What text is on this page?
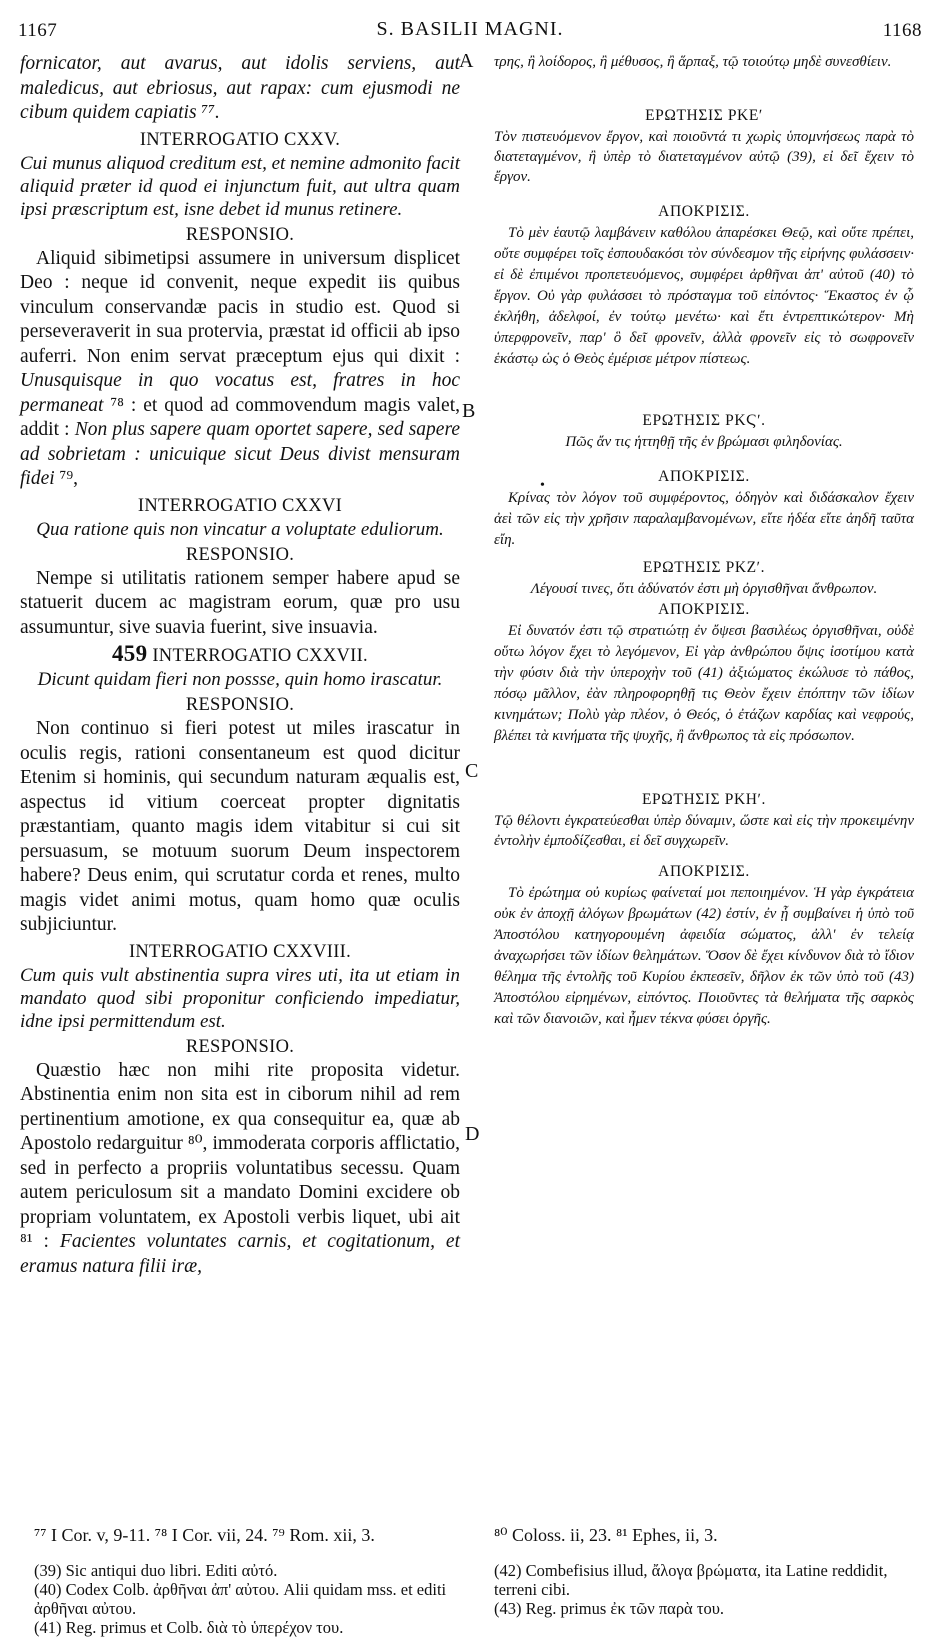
1167	S. BASILII MAGNI.	1168
A
B
C
D
•

fornicator, aut avarus, aut idolis serviens, aut maledicus, aut ebriosus, aut rapax: cum ejusmodi ne cibum quidem capiatis ⁷⁷.

INTERROGATIO CXXV.

Cui munus aliquod creditum est, et nemine admonito facit aliquid præter id quod ei injunctum fuit, aut ultra quam ipsi præscriptum est, isne debet id munus retinere.

RESPONSIO.

Aliquid sibimetipsi assumere in universum displicet Deo : neque id convenit, neque expedit iis quibus vinculum conservandæ pacis in studio est. Quod si perseveraverit in sua protervia, præstat id officii ab ipso auferri. Non enim servat præceptum ejus qui dixit : Unusquisque in quo vocatus est, fratres in hoc permaneat ⁷⁸ : et quod ad commovendum magis valet, addit : Non plus sapere quam oportet sapere, sed sapere ad sobrietam : unicuique sicut Deus divist mensuram fidei ⁷⁹,

INTERROGATIO CXXVI

Qua ratione quis non vincatur a voluptate eduliorum.

RESPONSIO.

Nempe si utilitatis rationem semper habere apud se statuerit ducem ac magistram eorum, quæ pro usu assumuntur, sive suavia fuerint, sive insuavia.

459 INTERROGATIO CXXVII.

Dicunt quidam fieri non possse, quin homo irascatur.

RESPONSIO.

Non continuo si fieri potest ut miles irascatur in oculis regis, rationi consentaneum est quod dicitur Etenim si hominis, qui secundum naturam æqualis est, aspectus id vitium coerceat propter dignitatis præstantiam, quanto magis idem vitabitur si cui sit persuasum, se motuum suorum Deum inspectorem habere? Deus enim, qui scrutatur corda et renes, multo magis videt animi motus, quam homo quæ oculis subjiciuntur.

INTERROGATIO CXXVIII.

Cum quis vult abstinentia supra vires uti, ita ut etiam in mandato quod sibi proponitur conficiendo impediatur, idne ipsi permittendum est.

RESPONSIO.

Quæstio hæc non mihi rite proposita videtur. Abstinentia enim non sita est in ciborum nihil ad rem pertinentium amotione, ex qua consequitur ea, quæ ab Apostolo redarguitur ⁸⁰, immoderata corporis afflictatio, sed in perfecto a propriis voluntatibus secessu. Quam autem periculosum sit a mandato Domini excidere ob propriam voluntatem, ex Apostoli verbis liquet, ubi ait ⁸¹ : Facientes voluntates carnis, et cogitationum, et eramus natura filii iræ,

τρης, ἢ λοίδορος, ἢ μέθυσος, ἢ ἅρπαξ, τῷ τοιούτῳ μηδὲ συνεσθίειν.

ΕΡΩΤΗΣΙΣ ΡΚΕʹ

Τὸν πιστευόμενον ἔργον, καὶ ποιοῦντά τι χωρὶς ὑπομνήσεως παρὰ τὸ διατεταγμένον, ἢ ὑπὲρ τὸ διατεταγμένον αὐτῷ (39), εἰ δεῖ ἔχειν τὸ ἔργον.

ΑΠΟΚΡΙΣΙΣ.

Τὸ μὲν ἑαυτῷ λαμβάνειν καθόλου ἀπαρέσκει Θεῷ, καὶ οὔτε πρέπει, οὔτε συμφέρει τοῖς ἐσπουδακόσι τὸν σύνδεσμον τῆς εἰρήνης φυλάσσειν· εἰ δὲ ἐπιμένοι προπετευόμενος, συμφέρει ἀρθῆναι ἀπ' αὐτοῦ (40) τὸ ἔργον. Οὐ γὰρ φυλάσσει τὸ πρόσταγμα τοῦ εἰπόντος· Ἕκαστος ἐν ᾧ ἐκλήθη, ἀδελφοί, ἐν τούτῳ μενέτω· καὶ ἔτι ἐντρεπτικώτερον· Μὴ ὑπερφρονεῖν, παρ' ὃ δεῖ φρονεῖν, ἀλλὰ φρονεῖν εἰς τὸ σωφρονεῖν ἑκάστῳ ὡς ὁ Θεὸς ἐμέρισε μέτρον πίστεως.

ΕΡΩΤΗΣΙΣ ΡΚϚʹ.

Πῶς ἄν τις ἡττηθῇ τῆς ἐν βρώμασι φιληδονίας.

ΑΠΟΚΡΙΣΙΣ.

Κρίνας τὸν λόγον τοῦ συμφέροντος, ὁδηγὸν καὶ διδάσκαλον ἔχειν ἀεὶ τῶν εἰς τὴν χρῆσιν παραλαμβανομένων, εἴτε ἡδέα εἴτε ἀηδῆ ταῦτα εἴη.

ΕΡΩΤΗΣΙΣ ΡΚΖʹ.

Λέγουσί τινες, ὅτι ἀδύνατόν ἐστι μὴ ὀργισθῆναι ἄνθρωπον.

ΑΠΟΚΡΙΣΙΣ.

Εἰ δυνατόν ἐστι τῷ στρατιώτῃ ἐν ὄψεσι βασιλέως ὀργισθῆναι, οὐδὲ οὕτω λόγον ἔχει τὸ λεγόμενον, Εἰ γὰρ ἀνθρώπου ὄψις ἰσοτίμου κατὰ τὴν φύσιν διὰ τὴν ὑπεροχὴν τοῦ (41) ἀξιώματος ἐκώλυσε τὸ πάθος, πόσῳ μᾶλλον, ἐὰν πληροφορηθῇ τις Θεὸν ἔχειν ἐπόπτην τῶν ἰδίων κινημάτων; Πολὺ γὰρ πλέον, ὁ Θεός, ὁ ἐτάζων καρδίας καὶ νεφρούς, βλέπει τὰ κινήματα τῆς ψυχῆς, ἢ ἄνθρωπος τὰ εἰς πρόσωπον.

ΕΡΩΤΗΣΙΣ ΡΚΗʹ.

Τῷ θέλοντι ἐγκρατεύεσθαι ὑπὲρ δύναμιν, ὥστε καὶ εἰς τὴν προκειμένην ἐντολὴν ἐμποδίζεσθαι, εἰ δεῖ συγχωρεῖν.

ΑΠΟΚΡΙΣΙΣ.

Τὸ ἐρώτημα οὐ κυρίως φαίνεταί μοι πεποιημένον. Ἡ γὰρ ἐγκράτεια οὐκ ἐν ἀποχῇ ἀλόγων βρωμάτων (42) ἐστίν, ἐν ᾗ συμβαίνει ἡ ὑπὸ τοῦ Ἀποστόλου κατηγορουμένη ἀφειδία σώματος, ἀλλ' ἐν τελείᾳ ἀναχωρήσει τῶν ἰδίων θελημάτων. Ὅσον δὲ ἔχει κίνδυνον διὰ τὸ ἴδιον θέλημα τῆς ἐντολῆς τοῦ Κυρίου ἐκπεσεῖν, δῆλον ἐκ τῶν ὑπὸ τοῦ (43) Ἀποστόλου εἰρημένων, εἰπόντος. Ποιοῦντες τὰ θελήματα τῆς σαρκὸς καὶ τῶν διανοιῶν, καὶ ἦμεν τέκνα φύσει ὀργῆς.

⁷⁷ I Cor. v, 9-11. ⁷⁸ I Cor. vii, 24. ⁷⁹ Rom. xii, 3.	⁸⁰ Coloss. ii, 23. ⁸¹ Ephes, ii, 3.

(39) Sic antiqui duo libri. Editi αὐτό.

(40) Codex Colb. ἀρθῆναι ἀπ' αὐτου. Alii quidam mss. et editi ἀρθῆναι αὐτου.

(41) Reg. primus et Colb. διὰ τὸ ὑπερέχον του.

(42) Combefisius illud, ἄλογα βρώματα, ita Latine reddidit, terreni cibi.

(43) Reg. primus ἐκ τῶν παρὰ του.
